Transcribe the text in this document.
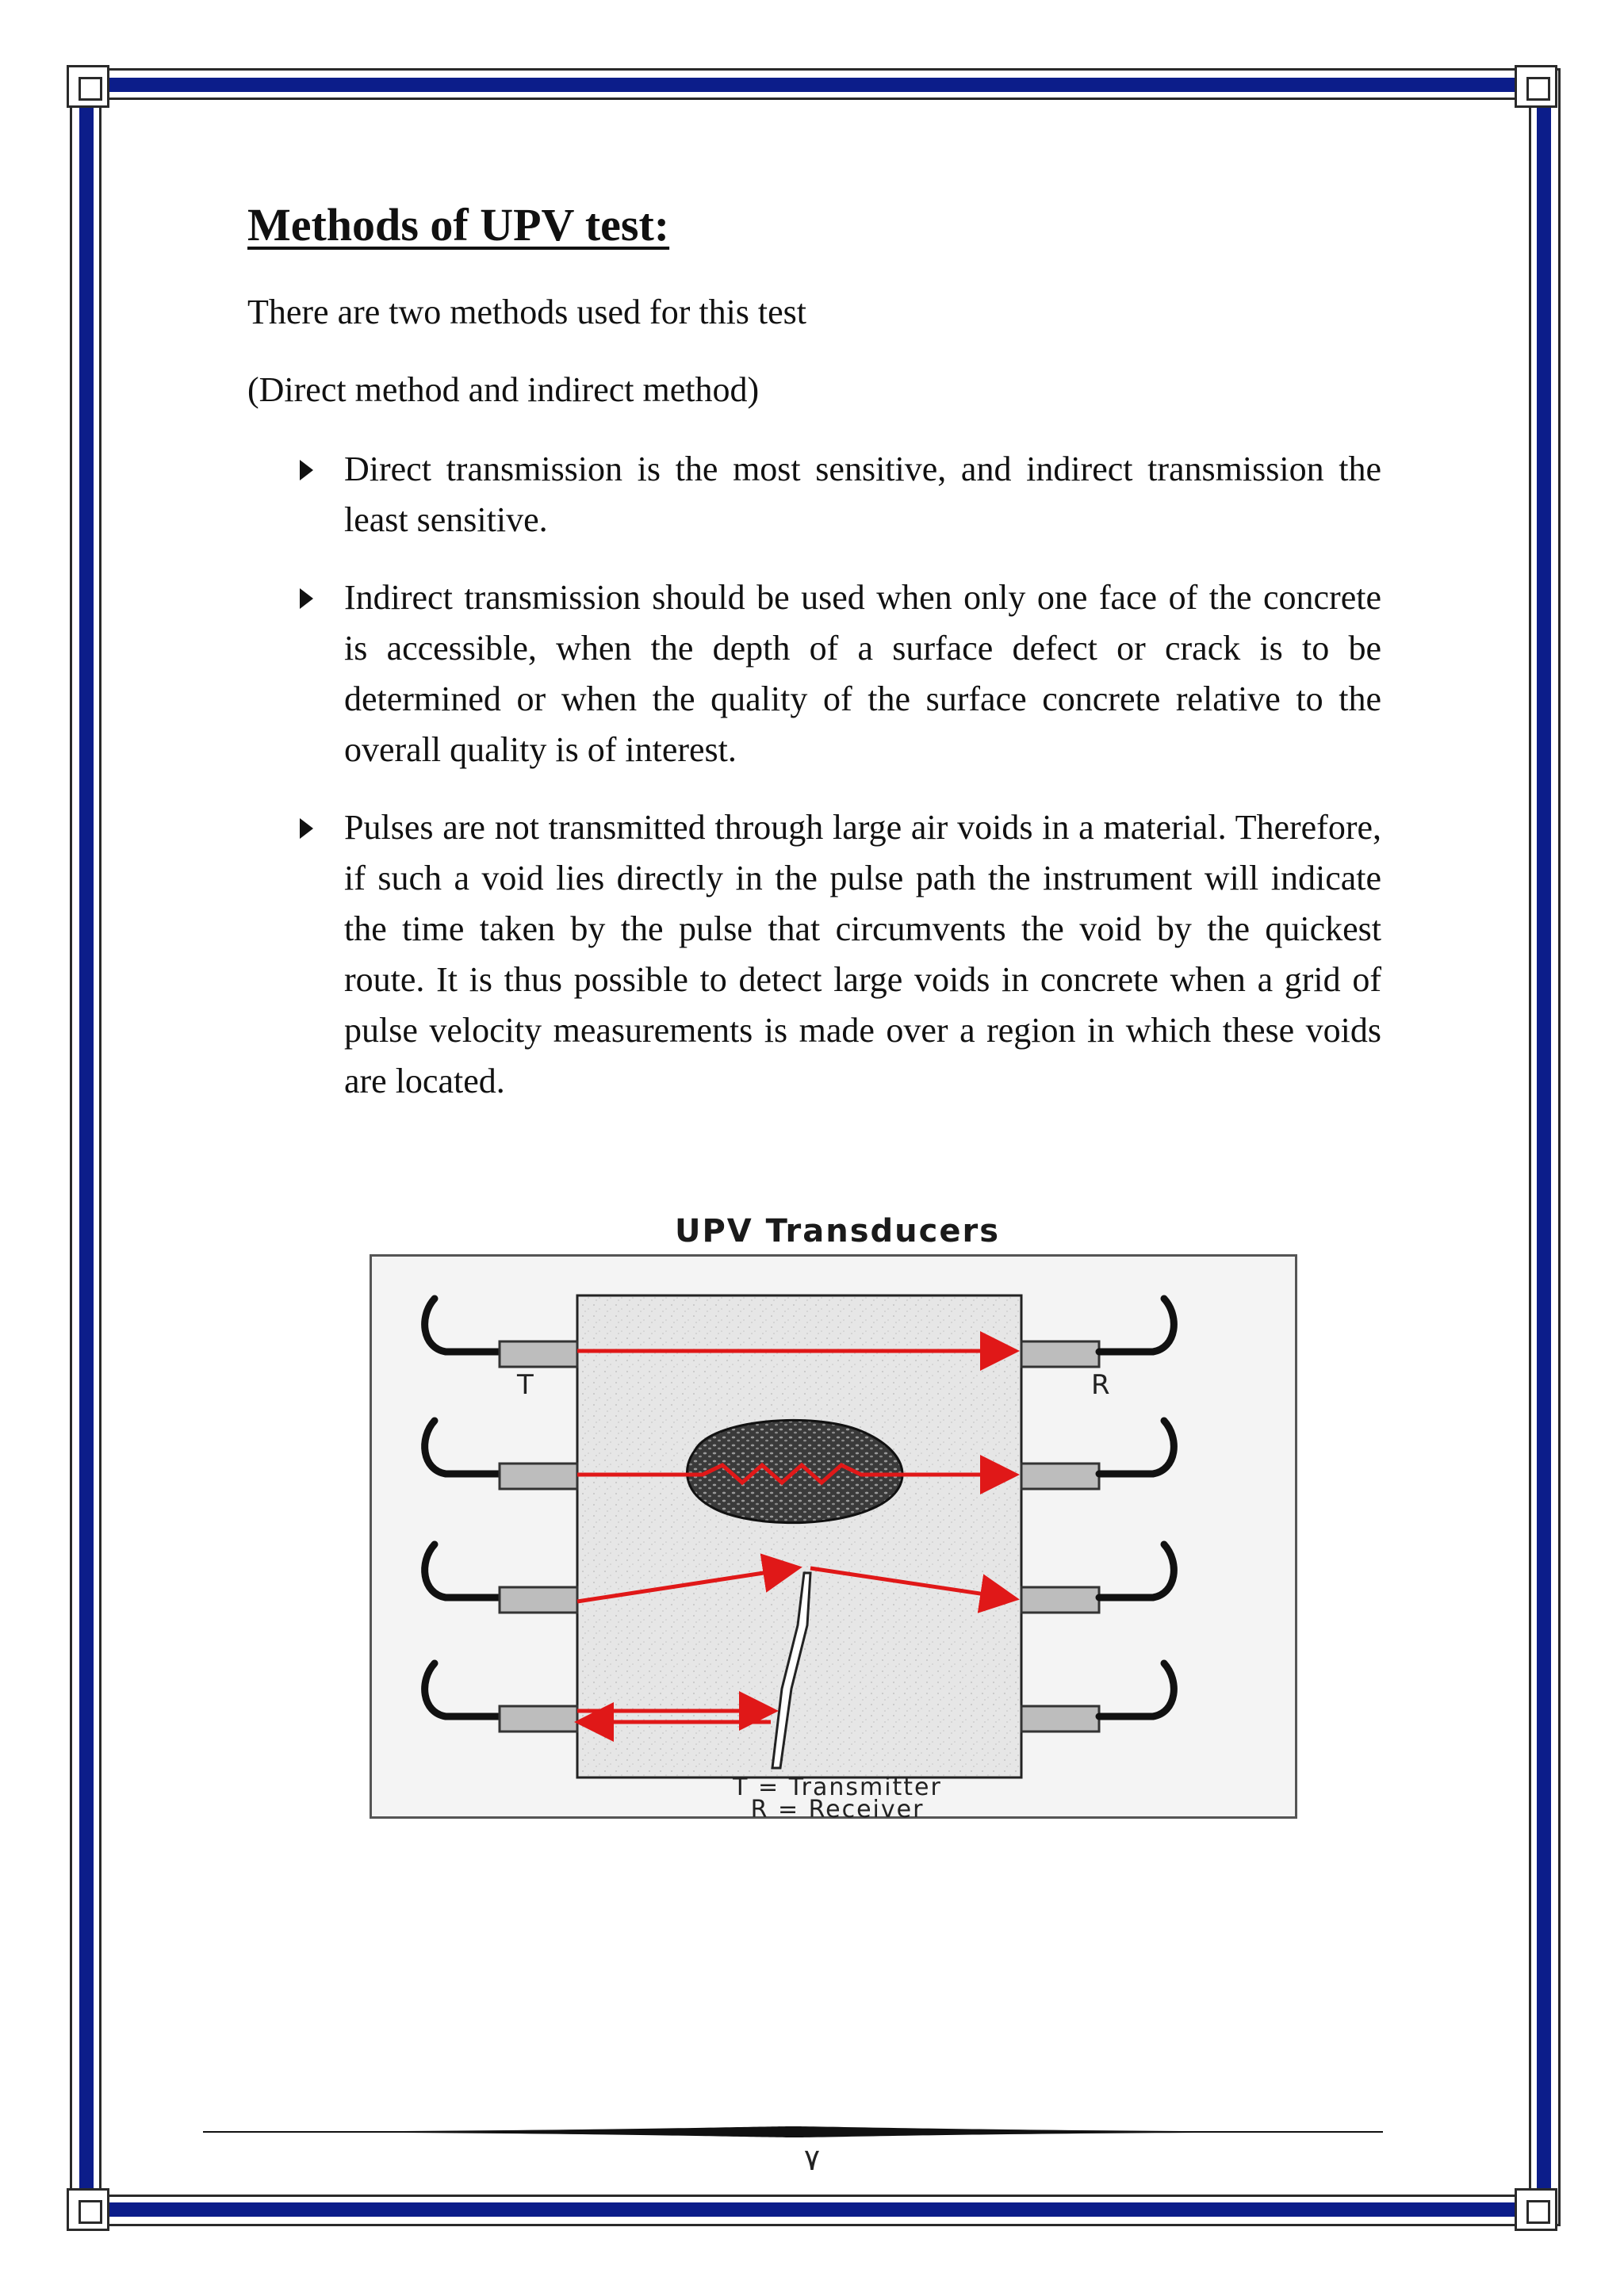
Methods of UPV test:

There are two methods used for this test

(Direct method and indirect method)

Direct transmission is the most sensitive, and indirect transmission the least sensitive.
Indirect transmission should be used when only one face of the concrete is accessible, when the depth of a surface defect or crack is to be determined or when the quality of the surface concrete relative to the overall quality is of interest.
Pulses are not transmitted through large air voids in a material. Therefore, if such a void lies directly in the pulse path the instrument will indicate the time taken by the pulse that circumvents the void by the quickest route. It is thus possible to detect large voids in concrete when a grid of pulse velocity measurements is made over a region in which these voids are located.

UPV Transducers

T	R

T = Transmitter

R = Receiver

٧
